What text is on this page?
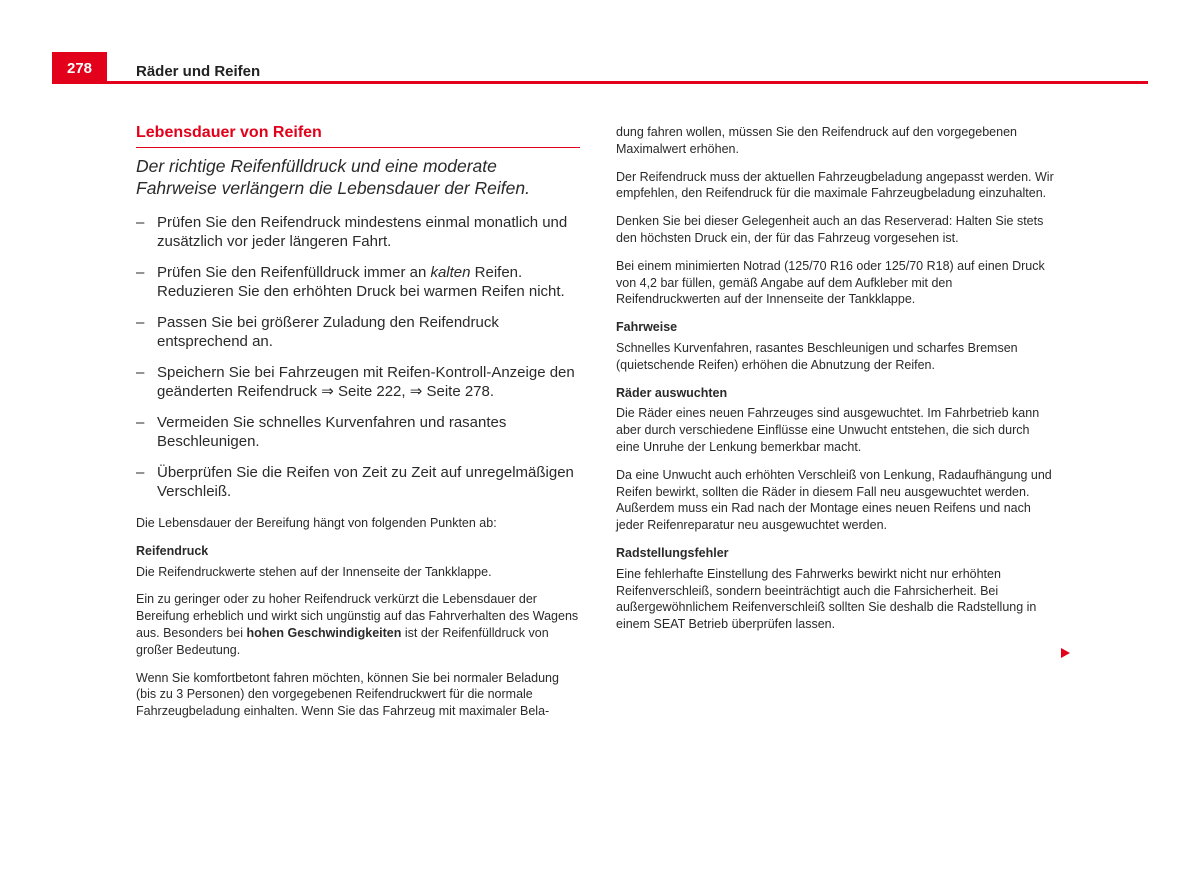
278	Räder und Reifen
Lebensdauer von Reifen

Der richtige Reifenfülldruck und eine moderate Fahrweise verlängern die Lebensdauer der Reifen.

– Prüfen Sie den Reifendruck mindestens einmal monatlich und zusätzlich vor jeder längeren Fahrt.
– Prüfen Sie den Reifenfülldruck immer an kalten Reifen. Reduzieren Sie den erhöhten Druck bei warmen Reifen nicht.
– Passen Sie bei größerer Zuladung den Reifendruck entsprechend an.
– Speichern Sie bei Fahrzeugen mit Reifen-Kontroll-Anzeige den geänderten Reifendruck ⇒ Seite 222, ⇒ Seite 278.
– Vermeiden Sie schnelles Kurvenfahren und rasantes Beschleunigen.
– Überprüfen Sie die Reifen von Zeit zu Zeit auf unregelmäßigen Verschleiß.

Die Lebensdauer der Bereifung hängt von folgenden Punkten ab:

Reifendruck

Die Reifendruckwerte stehen auf der Innenseite der Tankklappe.

Ein zu geringer oder zu hoher Reifendruck verkürzt die Lebensdauer der Bereifung erheblich und wirkt sich ungünstig auf das Fahrverhalten des Wagens aus. Besonders bei hohen Geschwindigkeiten ist der Reifenfülldruck von großer Bedeutung.

Wenn Sie komfortbetont fahren möchten, können Sie bei normaler Beladung (bis zu 3 Personen) den vorgegebenen Reifendruckwert für die normale Fahrzeugbeladung einhalten. Wenn Sie das Fahrzeug mit maximaler Bela-

dung fahren wollen, müssen Sie den Reifendruck auf den vorgegebenen Maximalwert erhöhen.

Der Reifendruck muss der aktuellen Fahrzeugbeladung angepasst werden. Wir empfehlen, den Reifendruck für die maximale Fahrzeugbeladung einzuhalten.

Denken Sie bei dieser Gelegenheit auch an das Reserverad: Halten Sie stets den höchsten Druck ein, der für das Fahrzeug vorgesehen ist.

Bei einem minimierten Notrad (125/70 R16 oder 125/70 R18) auf einen Druck von 4,2 bar füllen, gemäß Angabe auf dem Aufkleber mit den Reifendruckwerten auf der Innenseite der Tankklappe.

Fahrweise

Schnelles Kurvenfahren, rasantes Beschleunigen und scharfes Bremsen (quietschende Reifen) erhöhen die Abnutzung der Reifen.

Räder auswuchten

Die Räder eines neuen Fahrzeuges sind ausgewuchtet. Im Fahrbetrieb kann aber durch verschiedene Einflüsse eine Unwucht entstehen, die sich durch eine Unruhe der Lenkung bemerkbar macht.

Da eine Unwucht auch erhöhten Verschleiß von Lenkung, Radaufhängung und Reifen bewirkt, sollten die Räder in diesem Fall neu ausgewuchtet werden. Außerdem muss ein Rad nach der Montage eines neuen Reifens und nach jeder Reifenreparatur neu ausgewuchtet werden.

Radstellungsfehler

Eine fehlerhafte Einstellung des Fahrwerks bewirkt nicht nur erhöhten Reifenverschleiß, sondern beeinträchtigt auch die Fahrsicherheit. Bei außergewöhnlichem Reifenverschleiß sollten Sie deshalb die Radstellung in einem SEAT Betrieb überprüfen lassen.
